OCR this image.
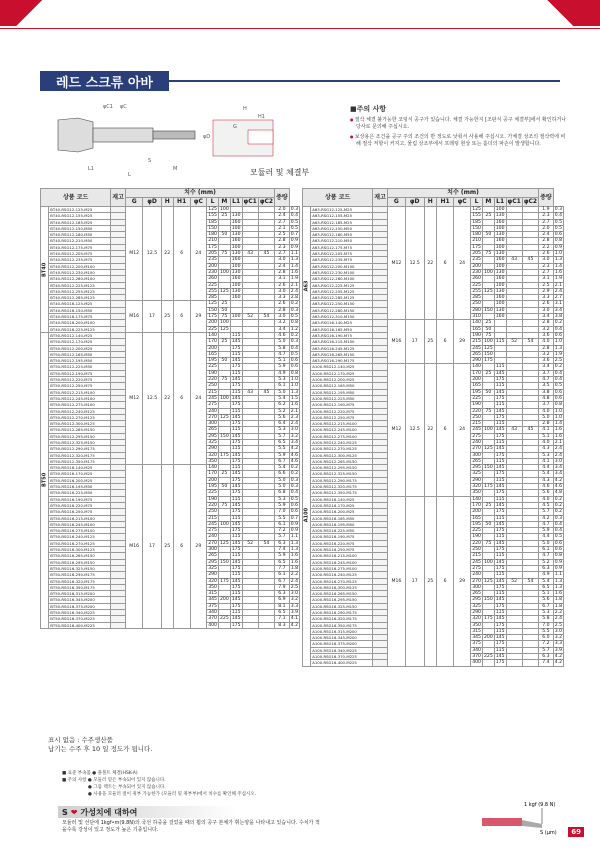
레드 스크류 아바
φC1 φC
L1
S
M
L
H
H1
G
φD
모듈러 및 체결부
■주의 사항
● 절삭 체결 불가능한 코팅식 공구가 있습니다. 체결 가능한지 [조판식 공구 체결부]에서 확인하거나 당사로 문의해 주십시오.
● 보상용은 조건을 공구 주의 조건의 반 정도로 낮춰서 사용해 주십시오. 가체결 상조의 절삭력에 비해 절삭 저항이 커지고, 물림 상조부에서 프레팅 현상 또는 홀더의 파손이 발생합니다.
상품 코드		재고	치수 (mm)										중량	
			G	φD	H	H1	φC	L	M	L1	φC1	φC2		
BT40	BT40-RSG12-125-M25		M12	12.5	22	6	24	125	100				2.0	0.3
	BT40-RSG12-155-M25							155	25	130			2.4	0.4
	BT40-RSG12-185-M25							185		160			2.7	0.5
	BT40-RSG12-150-M50							150		100			2.1	0.5
	BT40-RSG12-180-M50							180	50	130			2.5	0.7
	BT40-RSG12-210-M50							210		160			2.8	0.9
	BT40-RSG12-175-M75							175		100			2.3	0.9
	BT40-RSG12-205-M75							205	75	130	43	45	2.7	1.1
	BT40-RSG12-235-M75							235		160			3.0	1.3
	BT40-RSG12-200-M100							200		100			2.4	1.4
	BT40-RSG12-230-M100							230	100	130			2.8	1.6
	BT40-RSG12-260-M100							260		160			3.1	1.9
	BT40-RSG12-225-M125							225		100			2.6	2.1
	BT40-RSG12-255-M125							255	125	130			3.0	2.4
	BT40-RSG12-285-M125							285		160			3.3	2.8
	BT40-RSG16-125-M25		M16	17	25	6	29	125	25				2.6	0.2
	BT40-RSG16-150-M50							150	50				2.8	0.3
	BT40-RSG16-175-M75							175	75	100	52	54	3.0	0.5
	BT40-RSG16-200-M100							200	100				3.2	0.8
	BT40-RSG16-225-M125							225	125				3.4	1.2
BT50	BT50-RSG12-140-M25		M12	12.5	22	6	24	140		115			4.6	0.2
	BT50-RSG12-170-M25							170	25	145			5.0	0.3
	BT50-RSG12-200-M25							200		175			5.8	0.4
	BT50-RSG12-165-M50							165		115			4.7	0.5
	BT50-RSG12-195-M50							195	50	145			5.1	0.6
	BT50-RSG12-225-M50							225		175			5.9	0.6
	BT50-RSG12-190-M75							190		115			4.9	0.8
	BT50-RSG12-220-M75							220	75	145			5.3	1.0
	BT50-RSG12-250-M75							250		175			6.1	1.0
	BT50-RSG12-215-M100							215		115	43	45	5.0	1.3
	BT50-RSG12-245-M100							245	100	145			5.4	1.5
	BT50-RSG12-275-M100							275		175			6.2	1.6
	BT50-RSG12-240-M125							240		115			5.2	2.1
	BT50-RSG12-270-M125							270	125	145			5.6	2.3
	BT50-RSG12-300-M125							300		175			6.4	2.4
	BT50-RSG12-265-M150							265		115			5.3	3.0
	BT50-RSG12-295-M150							295	150	145			5.7	3.2
	BT50-RSG12-325-M150							325		175			6.5	3.4
	BT50-RSG12-290-M175							290		115			5.5	4.2
	BT50-RSG12-320-M175							320	175	145			5.9	4.6
	BT50-RSG12-350-M175							350		175			6.7	4.6
	BT50-RSG16-140-M25		M16	17	25	6	29	140		115			5.4	0.2
	BT50-RSG16-170-M25							170	25	145			6.6	0.2
	BT50-RSG16-200-M25							200		175			5.0	0.3
	BT50-RSG16-195-M50							195	50	145			5.0	0.3
	BT50-RSG16-225-M50							225		175			6.8	0.4
	BT50-RSG16-190-M75							190		115			5.3	0.5
	BT50-RSG16-220-M75							220	75	145			5.9	0.6
	BT50-RSG16-250-M75							250		175			7.0	0.6
	BT50-RSG16-215-M100							215		115			5.5	0.7
	BT50-RSG16-245-M100							245	100	145			6.1	0.9
	BT50-RSG16-275-M100							275		175			7.2	0.9
	BT50-RSG16-240-M125							240		115			5.7	1.1
	BT50-RSG16-270-M125							270	125	145	52	54	6.3	1.3
	BT50-RSG16-300-M125							300		175			7.4	1.3
	BT50-RSG16-265-M150							265		115			5.9	1.6
	BT50-RSG16-295-M150							295	150	145			6.5	1.6
	BT50-RSG16-325-M150							325		175			7.7	1.8
	BT50-RSG16-290-M175							290		115			6.1	2.2
	BT50-RSG16-320-M175							320	175	145			6.7	2.4
	BT50-RSG16-350-M175							350		175			7.9	2.5
	BT50-RSG16-315-M200							315		115			6.3	3.0
	BT50-RSG16-345-M200							345	200	145			6.9	3.2
	BT50-RSG16-375-M200							375		175			8.1	3.3
	BT50-RSG16-340-M225							340		115			6.5	3.9
	BT50-RSG16-370-M225							370	225	145			7.1	4.1
	BT50-RSG16-400-M225							400		175			8.3	4.2
상품 코드		재고	치수 (mm)										중량	
			G	φD	H	H1	φC	L	M	L1	φC1	φC2		
A63	A63-RSG12-125-M25		M12	12.5	22	6	24	125		100			1.9	0.3
	A63-RSG12-155-M25							155	25	130			2.3	0.4
	A63-RSG12-185-M25							185		160			2.7	0.5
	A63-RSG12-150-M50							150		100			2.0	0.5
	A63-RSG12-180-M50							180	50	130			2.4	0.6
	A63-RSG12-210-M50							210		160			2.8	0.8
	A63-RSG12-175-M75							175		100			2.2	0.9
	A63-RSG12-205-M75							205	75	130			2.6	1.0
	A63-RSG12-235-M75							235		160	43	45	3.0	1.3
	A63-RSG12-200-M100							200		100			2.3	1.4
	A63-RSG12-230-M100							230	100	130			2.7	1.6
	A63-RSG12-260-M100							260		160			3.1	1.9
	A63-RSG12-225-M125							225		100			2.5	2.1
	A63-RSG12-255-M125							255	125	130			2.9	2.4
	A63-RSG12-285-M125							285		160			3.3	2.7
	A63-RSG12-250-M150							250		100			2.6	3.1
	A63-RSG12-280-M150							280	150	130			3.0	3.4
	A63-RSG12-310-M150							310		160			3.4	3.8
	A63-RSG16-140-M25		M16	17	25	6	29	140	25				2.8	0.2
	A63-RSG16-165-M50							165	50				3.2	0.4
	A63-RSG16-190-M75							190	75				3.6	0.6
	A63-RSG16-215-M100							215	100	115	52	54	4.0	1.0
	A63-RSG16-245-M125							245	125				2.8	1.3
	A63-RSG16-265-M150							265	150				3.2	1.9
	A63-RSG16-290-M175							290	175				3.6	2.5
A100	A100-RSG12-140-M25		M12	12.5	22	6	24	140		115			3.4	0.2
	A100-RSG12-170-M25							170	25	145			3.7	0.4
	A100-RSG12-200-M25							200		175			4.7	0.4
	A100-RSG12-165-M50							165		115			3.5	0.5
	A100-RSG12-195-M50							195	50	145			3.8	0.6
	A100-RSG12-225-M50							225		175			4.8	0.6
	A100-RSG12-190-M75							190		115			3.7	0.8
	A100-RSG12-220-M75							220	75	145			4.0	1.0
	A100-RSG12-250-M75							250		175			5.0	1.0
	A100-RSG12-215-M100							215		115			2.8	1.4
	A100-RSG12-245-M100							245	100	145	43	45	4.1	1.6
	A100-RSG12-275-M100							275		175			5.1	1.6
	A100-RSG12-240-M125							240		115			4.0	2.1
	A100-RSG12-270-M125							270	125	145			4.3	2.4
	A100-RSG12-300-M125							300		175			5.3	2.4
	A100-RSG12-265-M150							265		115			4.1	3.0
	A100-RSG12-295-M150							295	150	145			4.4	3.4
	A100-RSG12-325-M150							325		175			5.4	3.4
	A100-RSG12-290-M175							290		115			4.3	4.2
	A100-RSG12-320-M175							320	175	145			4.6	4.6
	A100-RSG12-350-M175							350		175			5.6	4.8
	A100-RSG16-140-M25		M16	17	25	6	29	140		115			4.0	0.2
	A100-RSG16-170-M25							170	25	145			4.5	0.2
	A100-RSG16-200-M25							200		175			5.7	0.2
	A100-RSG16-165-M50							165		115			4.2	0.3
	A100-RSG16-195-M50							195	50	145			4.7	0.4
	A100-RSG16-225-M50							225		175			5.9	0.4
	A100-RSG16-190-M75							190		115			4.4	0.5
	A100-RSG16-220-M75							220	75	145			5.0	0.6
	A100-RSG16-250-M75							250		175			6.1	0.6
	A100-RSG16-215-M100							215		115			4.7	0.8
	A100-RSG16-245-M100							245	100	145			5.2	0.9
	A100-RSG16-275-M100							275		175			6.3	0.9
	A100-RSG16-240-M125							240		115			4.9	1.1
	A100-RSG16-270-M125							270	125	145	52	54	5.4	1.3
	A100-RSG16-300-M125							300		175			6.5	1.3
	A100-RSG16-265-M150							265		115			5.1	1.6
	A100-RSG16-295-M150							295	150	145			5.6	1.8
	A100-RSG16-325-M150							325		175			6.7	1.8
	A100-RSG16-290-M175							290		115			5.3	2.2
	A100-RSG16-320-M175							320	175	145			5.8	2.4
	A100-RSG16-350-M175							350		175			7.0	2.5
	A100-RSG16-315-M200							315		115			5.5	3.0
	A100-RSG16-345-M200							345	200	145			6.0	3.2
	A100-RSG16-375-M200							375		175			7.2	3.3
	A100-RSG16-340-M225							340		115			5.7	3.9
	A100-RSG16-370-M225							370	225	145			6.3	4.2
	A100-RSG16-400-M225							400		175			7.4	4.2
표시 없음 : 수주생산품
납기는 수주 후 10 일 정도가 됩니다.
■ 표준 부속품 ● 풀볼트 체결(HSK-A)
■ 주의 사항 ● 모듈러 밑은 부속되어 있지 않습니다.
● 그롭 렉트는 부속되어 있지 않습니다.
● 사용을 모듈러 절이 취부 가능한가 (모듈러 및 취부부)에서 치수를 확인해 주십시오.
S ❤ 가성치에 대하여
모듈러 및 선단에 1kgf•m(9.8N)의 국선 하중을 걸었을 때의 휨의 공구 본체가 휘는양을 나타내고 있습니다. 수치가 적을수록 강성이 있고 정도가 높은 기종입니다.
1 kgf (9.8 N)
S (μm)	69
